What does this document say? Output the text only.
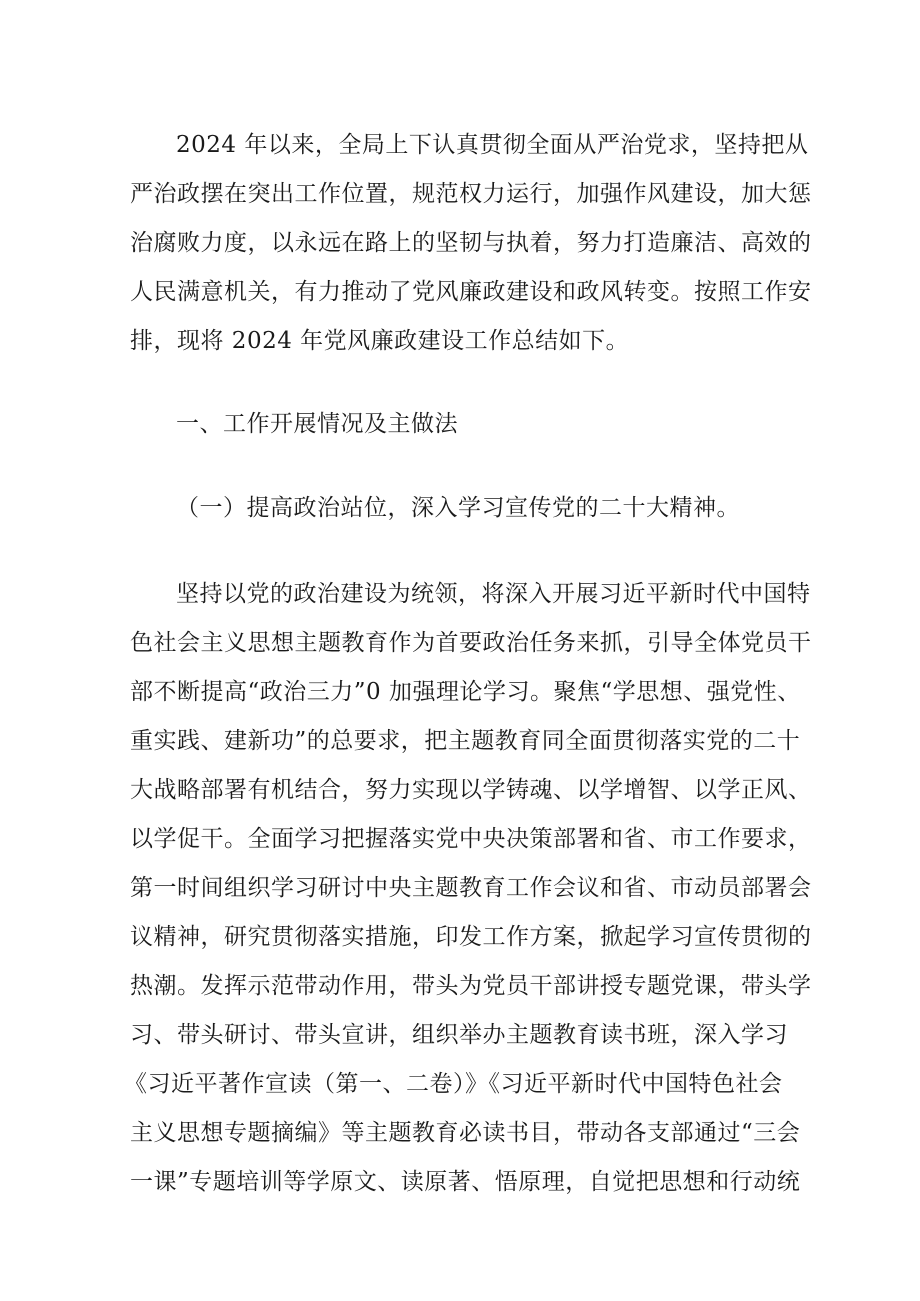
2024 年以来，全局上下认真贯彻全面从严治党求，坚持把从

严治政摆在突出工作位置，规范权力运行，加强作风建设，加大惩

治腐败力度，以永远在路上的坚韧与执着，努力打造廉洁、高效的

人民满意机关，有力推动了党风廉政建设和政风转变。按照工作安

排，现将 2024 年党风廉政建设工作总结如下。

一、工作开展情况及主做法

（一）提高政治站位，深入学习宣传党的二十大精神。

坚持以党的政治建设为统领，将深入开展习近平新时代中国特

色社会主义思想主题教育作为首要政治任务来抓，引导全体党员干

部不断提高“政治三力”0 加强理论学习。聚焦“学思想、强党性、

重实践、建新功”的总要求，把主题教育同全面贯彻落实党的二十

大战略部署有机结合，努力实现以学铸魂、以学增智、以学正风、

以学促干。全面学习把握落实党中央决策部署和省、市工作要求，

第一时间组织学习研讨中央主题教育工作会议和省、市动员部署会

议精神，研究贯彻落实措施，印发工作方案，掀起学习宣传贯彻的

热潮。发挥示范带动作用，带头为党员干部讲授专题党课，带头学

习、带头研讨、带头宣讲，组织举办主题教育读书班，深入学习

《习近平著作宣读（第一、二卷）》《习近平新时代中国特色社会

主义思想专题摘编》等主题教育必读书目，带动各支部通过“三会

一课”专题培训等学原文、读原著、悟原理，自觉把思想和行动统
